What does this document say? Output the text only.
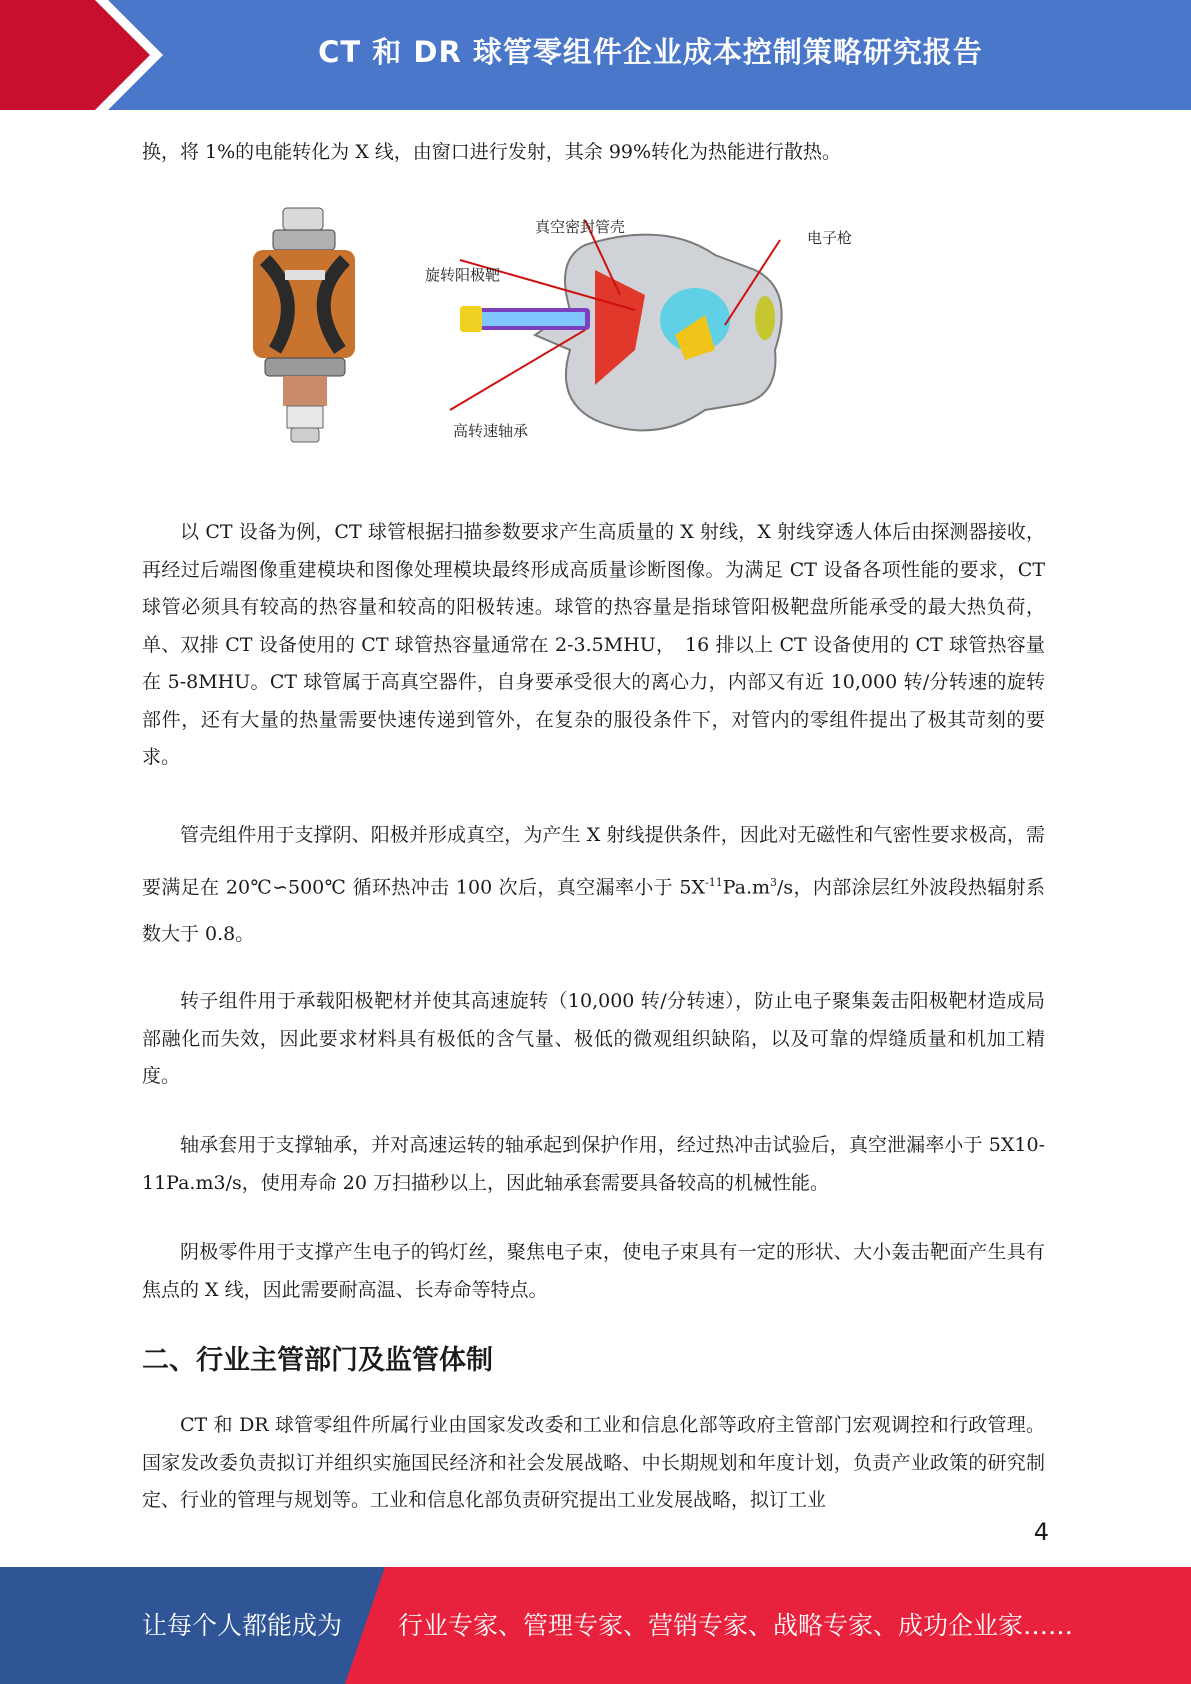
CT 和 DR 球管零组件企业成本控制策略研究报告

换，将 1%的电能转化为 X 线，由窗口进行发射，其余 99%转化为热能进行散热。

真空密封管壳
电子枪
旋转阳极靶
高转速轴承

以 CT 设备为例，CT 球管根据扫描参数要求产生高质量的 X 射线，X 射线穿透人体后由探测器接收，再经过后端图像重建模块和图像处理模块最终形成高质量诊断图像。为满足 CT 设备各项性能的要求，CT 球管必须具有较高的热容量和较高的阳极转速。球管的热容量是指球管阳极靶盘所能承受的最大热负荷，单、双排 CT 设备使用的 CT 球管热容量通常在 2-3.5MHU，　16 排以上 CT 设备使用的 CT 球管热容量在 5-8MHU。CT 球管属于高真空器件，自身要承受很大的离心力，内部又有近 10,000 转/分转速的旋转部件，还有大量的热量需要快速传递到管外，在复杂的服役条件下，对管内的零组件提出了极其苛刻的要求。

管壳组件用于支撑阴、阳极并形成真空，为产生 X 射线提供条件，因此对无磁性和气密性要求极高，需要满足在 20℃∽500℃ 循环热冲击 100 次后，真空漏率小于 $5X^{-11}Pa.m^3/s$，内部涂层红外波段热辐射系数大于 0.8。

转子组件用于承载阳极靶材并使其高速旋转（10,000 转/分转速），防止电子聚集轰击阳极靶材造成局部融化而失效，因此要求材料具有极低的含气量、极低的微观组织缺陷，以及可靠的焊缝质量和机加工精度。

轴承套用于支撑轴承，并对高速运转的轴承起到保护作用，经过热冲击试验后，真空泄漏率小于 5X10-11Pa.m3/s，使用寿命 20 万扫描秒以上，因此轴承套需要具备较高的机械性能。

阴极零件用于支撑产生电子的钨灯丝，聚焦电子束，使电子束具有一定的形状、大小轰击靶面产生具有焦点的 X 线，因此需要耐高温、长寿命等特点。

二、行业主管部门及监管体制

CT 和 DR 球管零组件所属行业由国家发改委和工业和信息化部等政府主管部门宏观调控和行政管理。国家发改委负责拟订并组织实施国民经济和社会发展战略、中长期规划和年度计划，负责产业政策的研究制定、行业的管理与规划等。工业和信息化部负责研究提出工业发展战略，拟订工业

4
让每个人都能成为 行业专家、管理专家、营销专家、战略专家、成功企业家……
